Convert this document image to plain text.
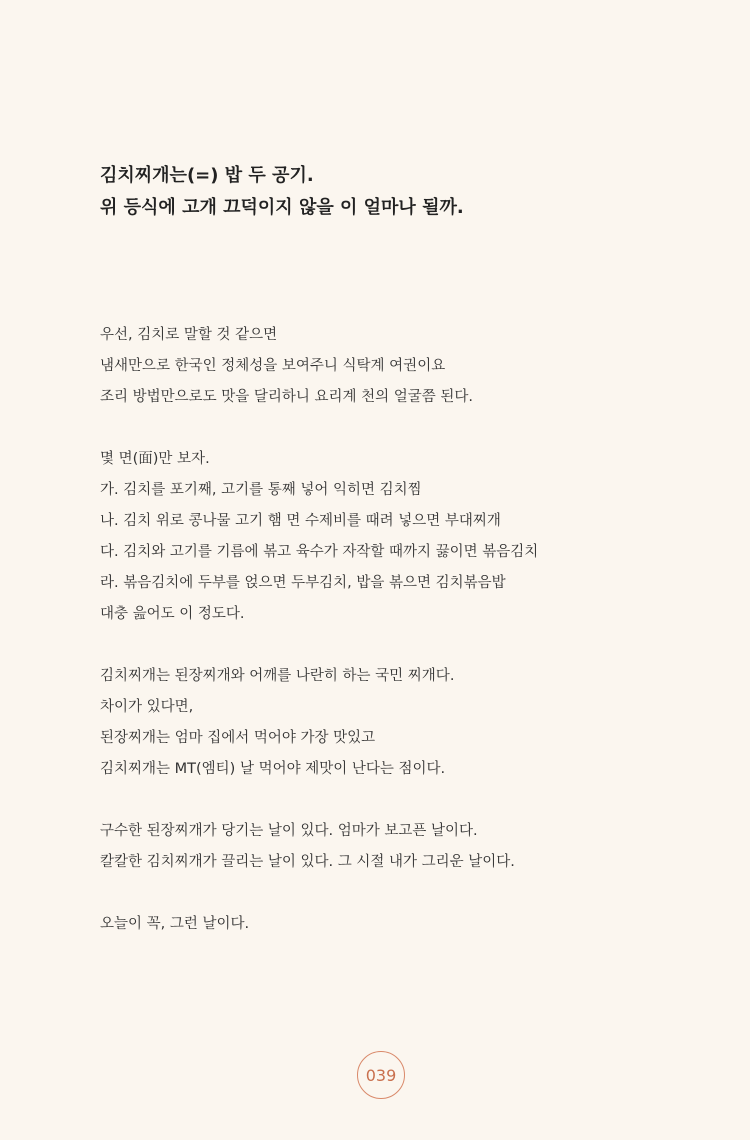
김치찌개는(=) 밥 두 공기.
위 등식에 고개 끄덕이지 않을 이 얼마나 될까.
우선, 김치로 말할 것 같으면
냄새만으로 한국인 정체성을 보여주니 식탁계 여권이요
조리 방법만으로도 맛을 달리하니 요리계 천의 얼굴쯤 된다.
몇 면(面)만 보자.
가. 김치를 포기째, 고기를 통째 넣어 익히면 김치찜
나. 김치 위로 콩나물 고기 햄 면 수제비를 때려 넣으면 부대찌개
다. 김치와 고기를 기름에 볶고 육수가 자작할 때까지 끓이면 볶음김치
라. 볶음김치에 두부를 얹으면 두부김치, 밥을 볶으면 김치볶음밥
대충 읊어도 이 정도다.
김치찌개는 된장찌개와 어깨를 나란히 하는 국민 찌개다.
차이가 있다면,
된장찌개는 엄마 집에서 먹어야 가장 맛있고
김치찌개는 MT(엠티) 날 먹어야 제맛이 난다는 점이다.
구수한 된장찌개가 당기는 날이 있다. 엄마가 보고픈 날이다.
칼칼한 김치찌개가 끌리는 날이 있다. 그 시절 내가 그리운 날이다.
오늘이 꼭, 그런 날이다.
039
